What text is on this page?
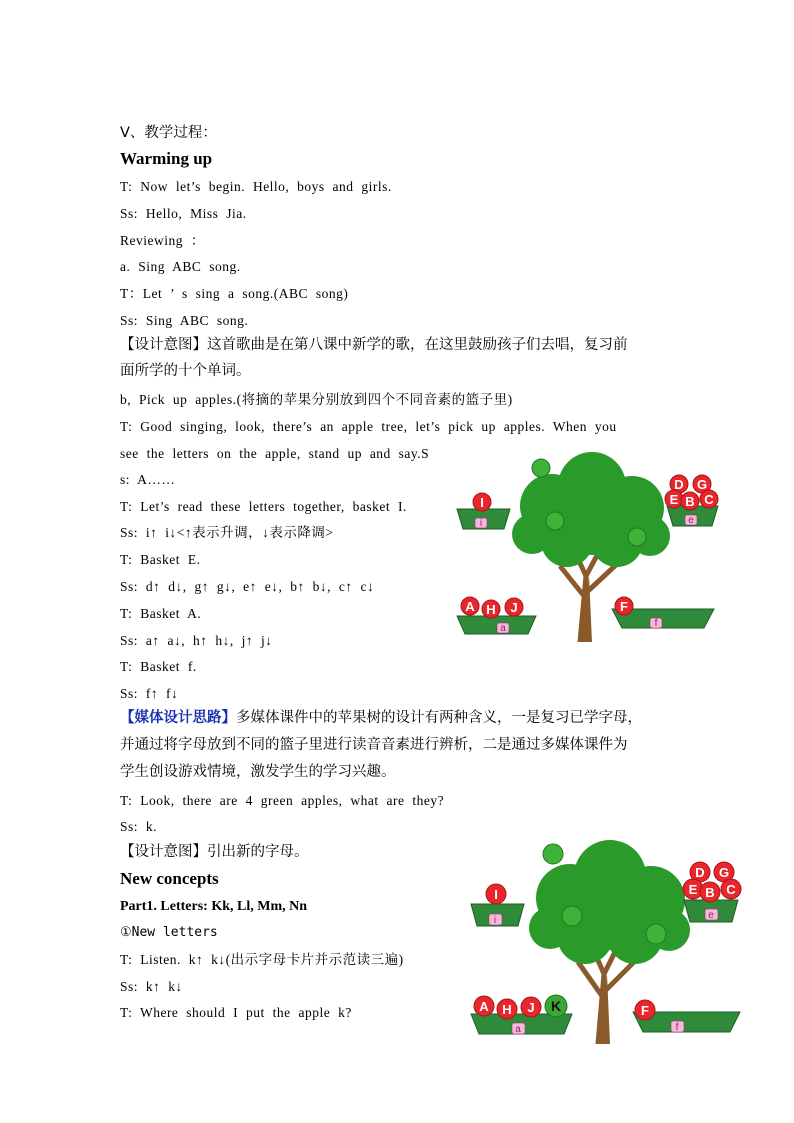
V、教学过程：
Warming up
T: Now let’s begin. Hello, boys and girls.
Ss: Hello, Miss Jia.
Reviewing ：
a. Sing ABC song.
T：Let ’ s sing a song.(ABC song)
Ss: Sing ABC song.
【设计意图】这首歌曲是在第八课中新学的歌，在这里鼓励孩子们去唱，复习前
面所学的十个单词。
b, Pick up apples.(将摘的苹果分别放到四个不同音素的篮子里)
T: Good singing, look, there’s an apple tree, let’s pick up apples. When you
see the letters on the apple, stand up and say.S
s: A……
T: Let’s read these letters together, basket I.
Ss: i↑ i↓<↑表示升调，↓表示降调>
T: Basket E.
Ss: d↑ d↓, g↑ g↓, e↑ e↓, b↑ b↓, c↑ c↓
T: Basket A.
Ss: a↑ a↓, h↑ h↓, j↑ j↓
T: Basket f.
Ss: f↑ f↓
【媒体设计思路】多媒体课件中的苹果树的设计有两种含义，一是复习已学字母，
并通过将字母放到不同的篮子里进行读音音素进行辨析，二是通过多媒体课件为
学生创设游戏情境，激发学生的学习兴趣。
T: Look, there are 4 green apples, what are they?
Ss: k.
【设计意图】引出新的字母。
New concepts
Part1. Letters: Kk, Ll, Mm, Nn
①New letters
T: Listen. k↑ k↓(出示字母卡片并示范读三遍)
Ss: k↑ k↓
T: Where should I put the apple k?
i	e
a	f
D G
E B C
I
A H J	F
i	e
a	f
D G
E B C
I
A H J	F
K
